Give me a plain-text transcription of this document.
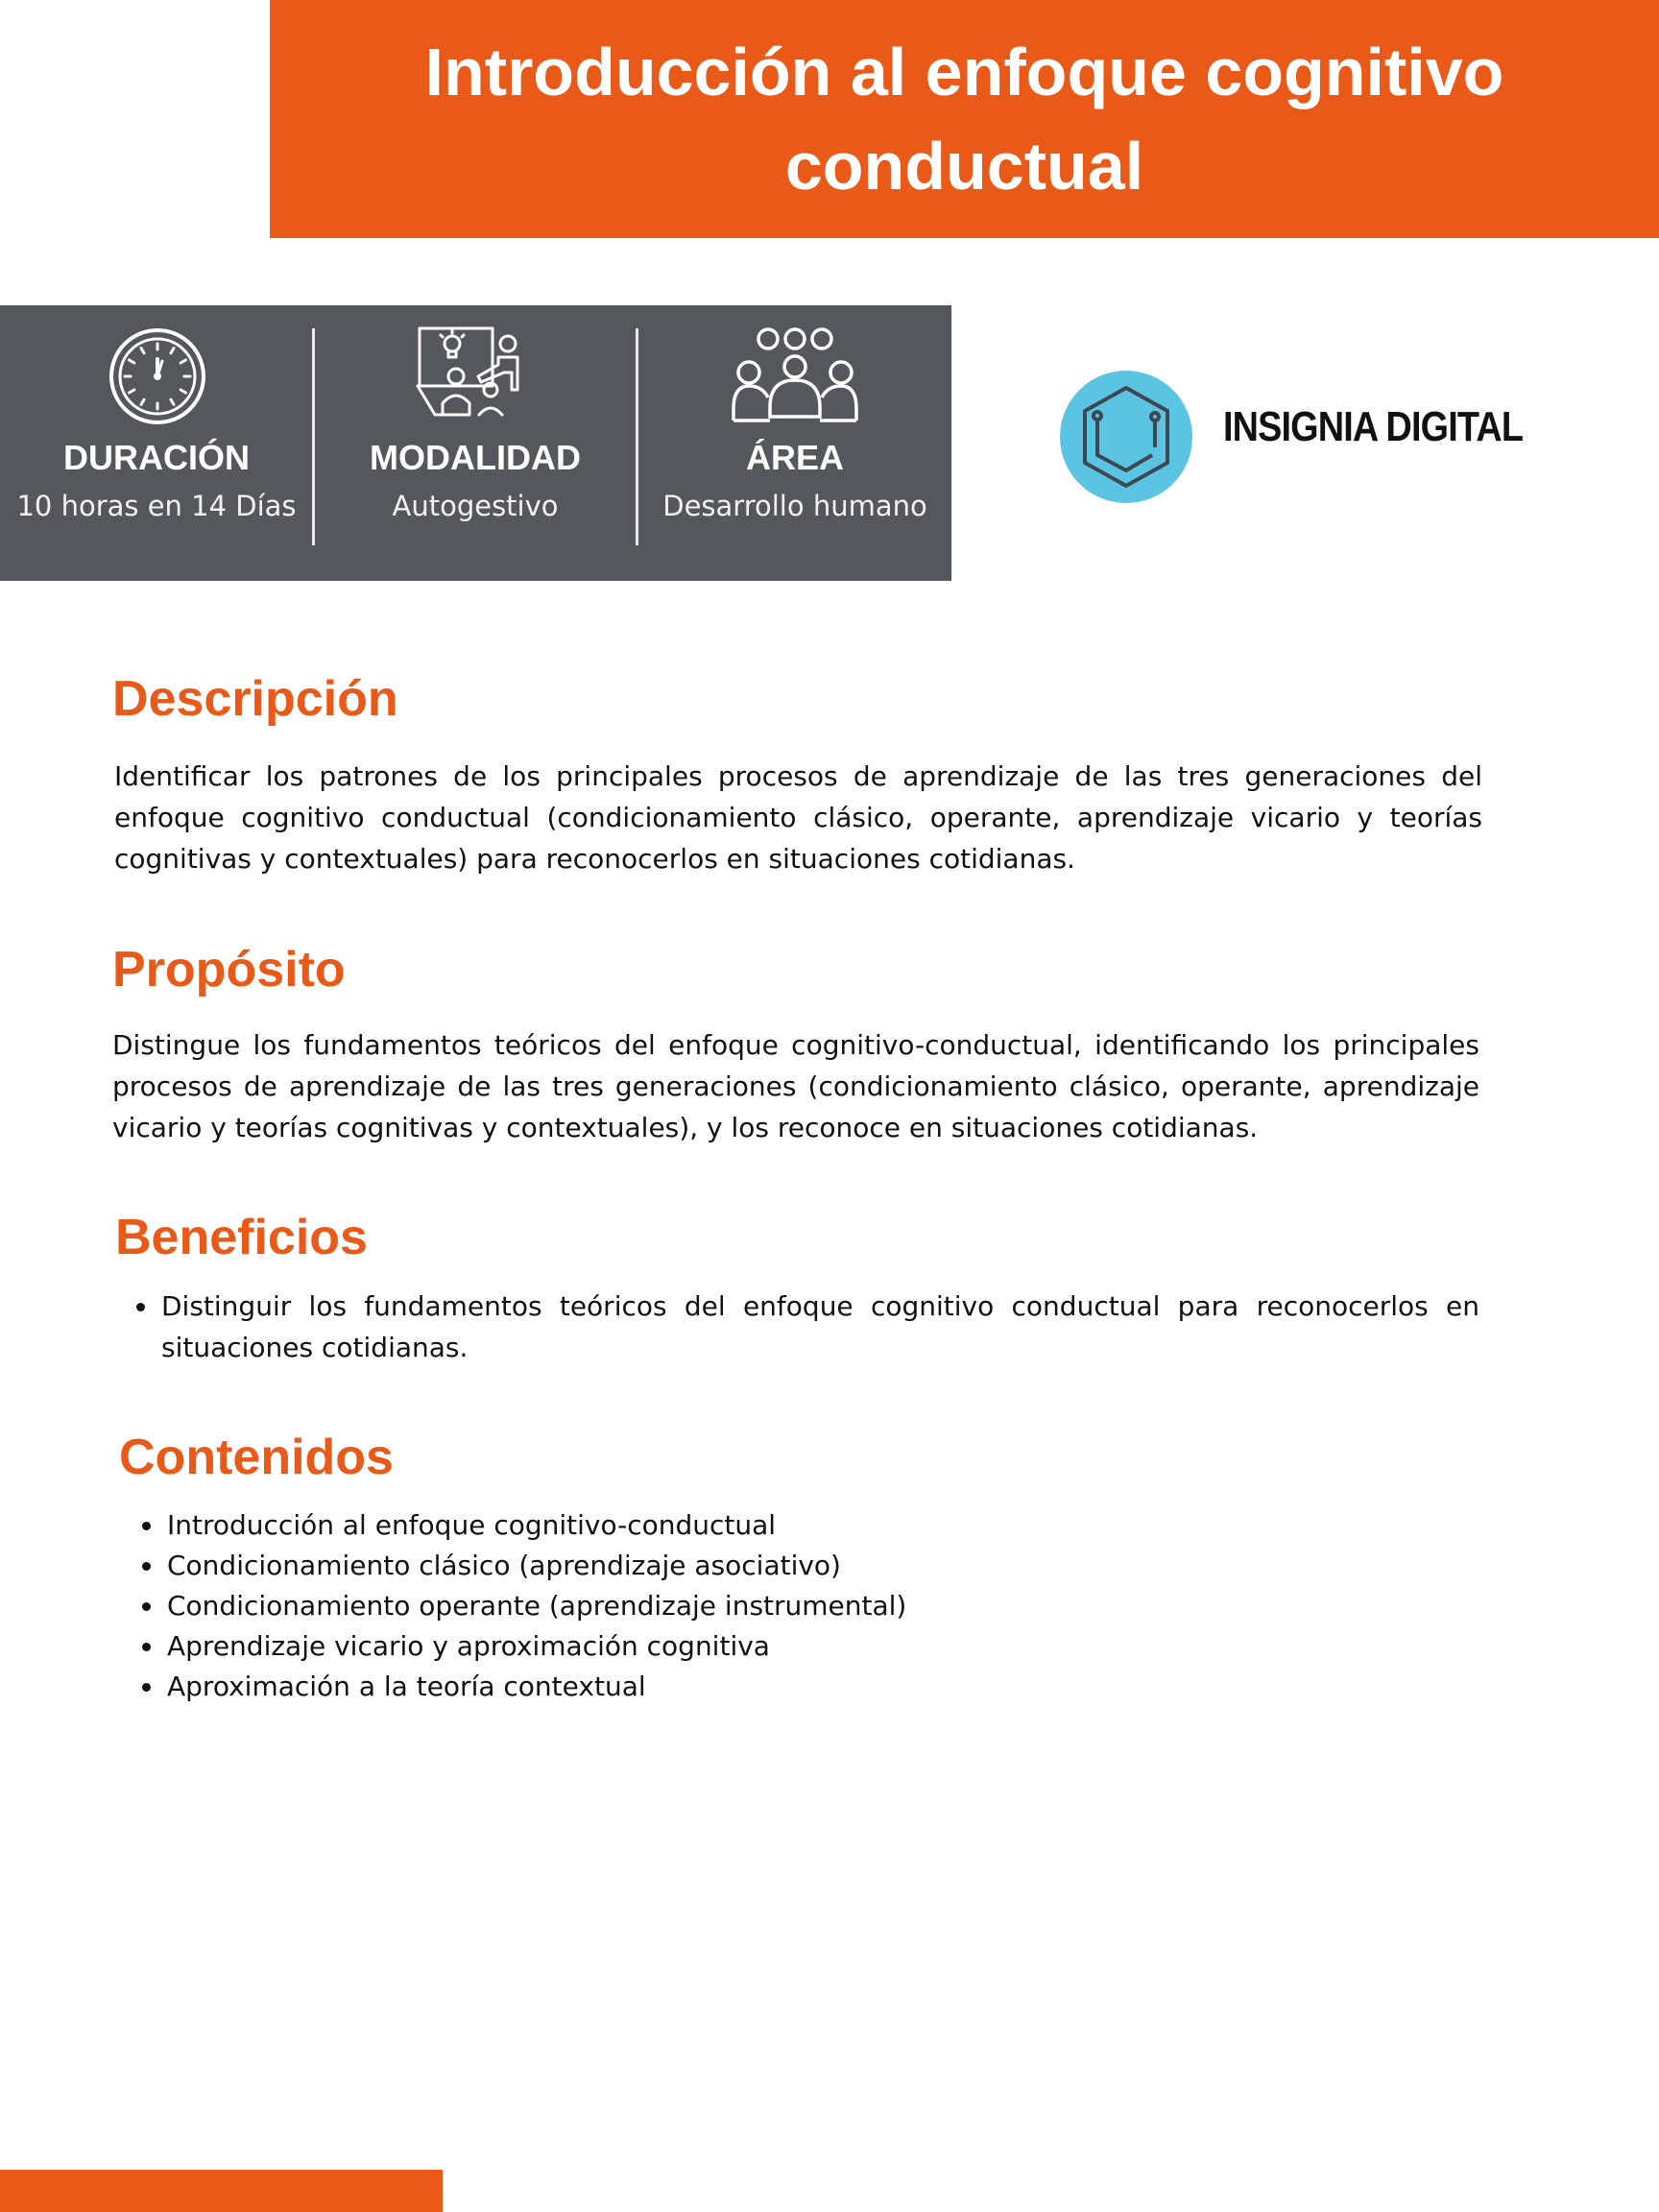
Introducción al enfoque cognitivo conductual
DURACIÓN
10 horas en 14 Días
MODALIDAD
Autogestivo
ÁREA
Desarrollo humano
INSIGNIA DIGITAL
Descripción

Identificar los patrones de los principales procesos de aprendizaje de las tres generaciones del enfoque cognitivo conductual (condicionamiento clásico, operante, aprendizaje vicario y teorías cognitivas y contextuales) para reconocerlos en situaciones cotidianas.

Propósito

Distingue los fundamentos teóricos del enfoque cognitivo-conductual, identificando los principales procesos de aprendizaje de las tres generaciones (condicionamiento clásico, operante, aprendizaje vicario y teorías cognitivas y contextuales), y los reconoce en situaciones cotidianas.

Beneficios
• Distinguir los fundamentos teóricos del enfoque cognitivo conductual para reconocerlos en situaciones cotidianas.
Contenidos
• Introducción al enfoque cognitivo-conductual
• Condicionamiento clásico (aprendizaje asociativo)
• Condicionamiento operante (aprendizaje instrumental)
• Aprendizaje vicario y aproximación cognitiva
• Aproximación a la teoría contextual
